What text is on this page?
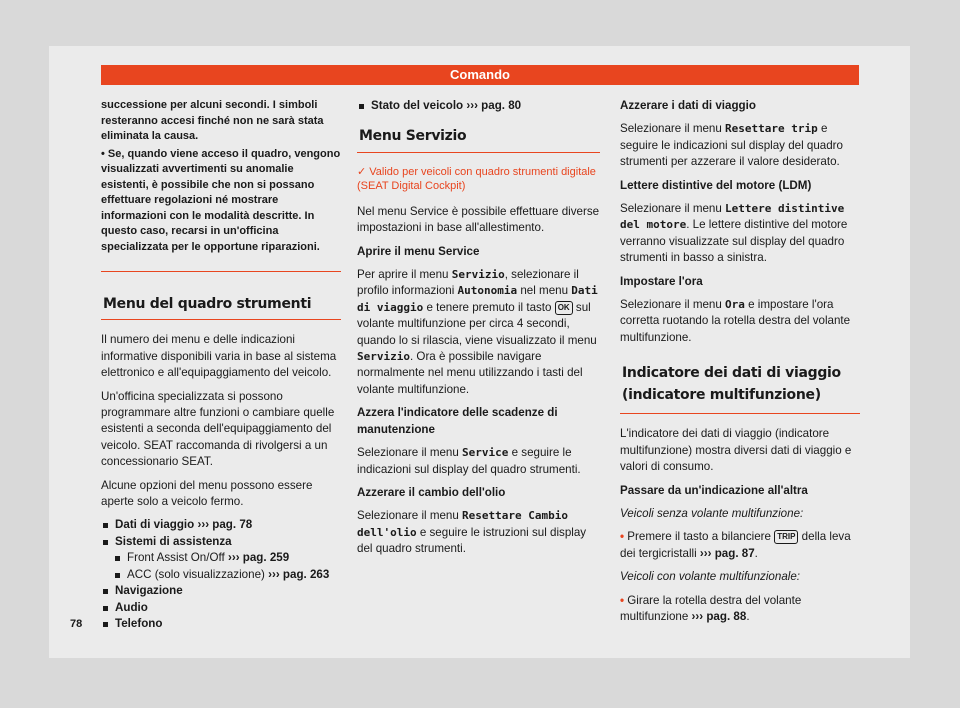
Comando

successione per alcuni secondi. I simboli resteranno accesi finché non ne sarà stata eliminata la causa.

• Se, quando viene acceso il quadro, vengono visualizzati avvertimenti su anomalie esistenti, è possibile che non si possano effettuare regolazioni né mostrare informazioni con le modalità descritte. In questo caso, recarsi in un'officina specializzata per le opportune riparazioni.

Menu del quadro strumenti

Il numero dei menu e delle indicazioni informative disponibili varia in base al sistema elettronico e all'equipaggiamento del veicolo.

Un'officina specializzata si possono programmare altre funzioni o cambiare quelle esistenti a seconda dell'equipaggiamento del veicolo. SEAT raccomanda di rivolgersi a un concessionario SEAT.

Alcune opzioni del menu possono essere aperte solo a veicolo fermo.

Dati di viaggio ››› pag. 78
Sistemi di assistenza
Front Assist On/Off ››› pag. 259
ACC (solo visualizzazione) ››› pag. 263
Navigazione
Audio
Telefono
Stato del veicolo ››› pag. 80
Menu Servizio

✓ Valido per veicoli con quadro strumenti digitale (SEAT Digital Cockpit)

Nel menu Service è possibile effettuare diverse impostazioni in base all'allestimento.

Aprire il menu Service

Per aprire il menu Servizio, selezionare il profilo informazioni Autonomia nel menu Dati di viaggio e tenere premuto il tasto OK sul volante multifunzione per circa 4 secondi, quando lo si rilascia, viene visualizzato il menu Servizio. Ora è possibile navigare normalmente nel menu utilizzando i tasti del volante multifunzione.

Azzera l'indicatore delle scadenze di manutenzione

Selezionare il menu Service e seguire le indicazioni sul display del quadro strumenti.

Azzerare il cambio dell'olio

Selezionare il menu Resettare Cambio dell'olio e seguire le istruzioni sul display del quadro strumenti.

Azzerare i dati di viaggio

Selezionare il menu Resettare trip e seguire le indicazioni sul display del quadro strumenti per azzerare il valore desiderato.

Lettere distintive del motore (LDM)

Selezionare il menu Lettere distintive del motore. Le lettere distintive del motore verranno visualizzate sul display del quadro strumenti in basso a sinistra.

Impostare l'ora

Selezionare il menu Ora e impostare l'ora corretta ruotando la rotella destra del volante multifunzione.

Indicatore dei dati di viaggio (indicatore multifunzione)

L'indicatore dei dati di viaggio (indicatore multifunzione) mostra diversi dati di viaggio e valori di consumo.

Passare da un'indicazione all'altra

Veicoli senza volante multifunzione:

• Premere il tasto a bilanciere TRIP della leva dei tergicristalli ››› pag. 87.

Veicoli con volante multifunzionale:

• Girare la rotella destra del volante multifunzione ››› pag. 88.

78
